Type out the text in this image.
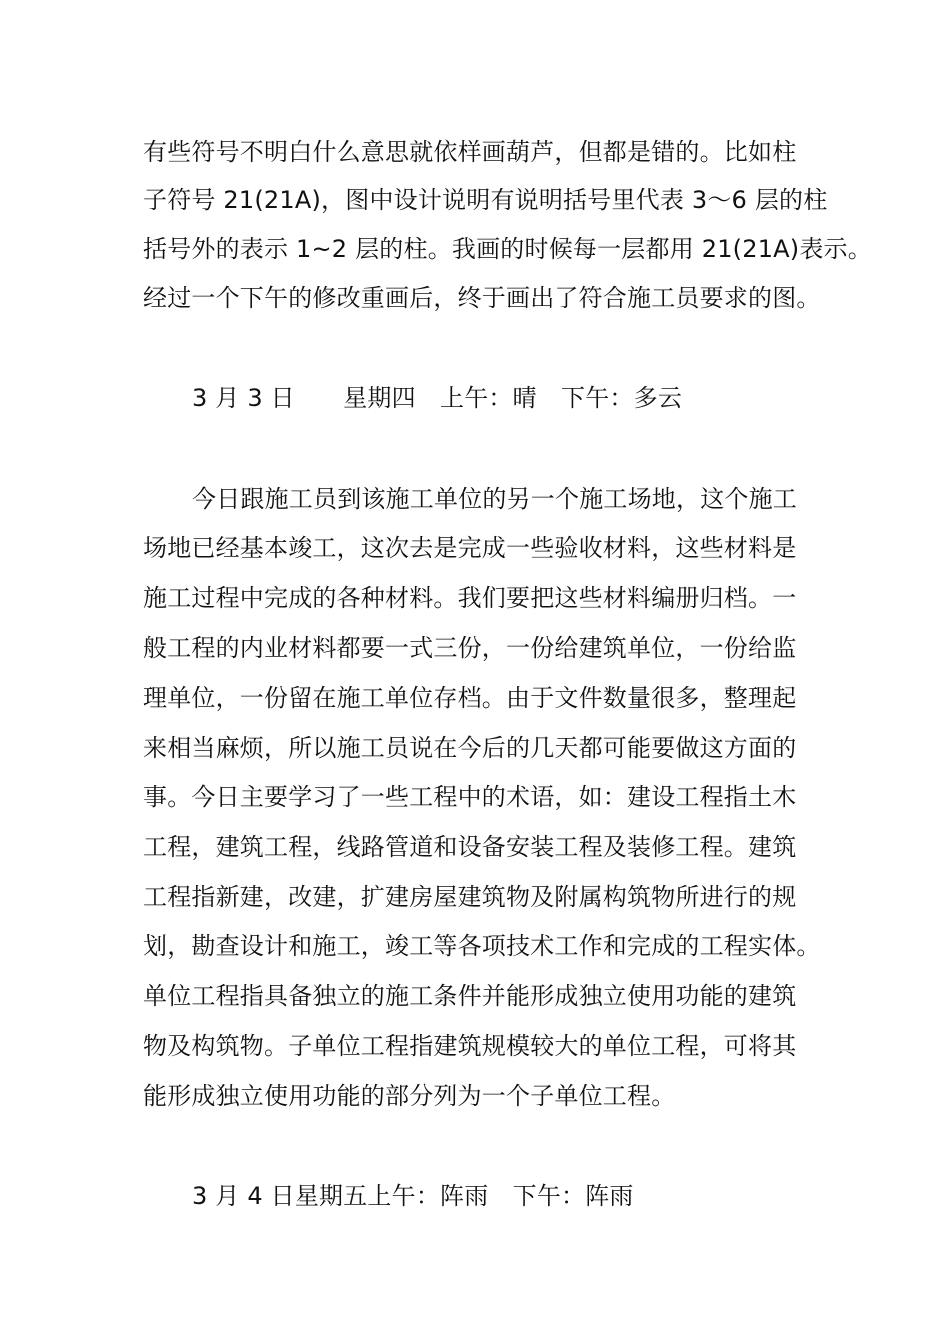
有些符号不明白什么意思就依样画葫芦，但都是错的。比如柱
子符号 21(21A)，图中设计说明有说明括号里代表 3～6 层的柱
括号外的表示 1~2 层的柱。我画的时候每一层都用 21(21A)表示。
经过一个下午的修改重画后，终于画出了符合施工员要求的图。
3 月 3 日　　星期四　上午：晴　下午：多云
今日跟施工员到该施工单位的另一个施工场地，这个施工
场地已经基本竣工，这次去是完成一些验收材料，这些材料是
施工过程中完成的各种材料。我们要把这些材料编册归档。一
般工程的内业材料都要一式三份，一份给建筑单位，一份给监
理单位，一份留在施工单位存档。由于文件数量很多，整理起
来相当麻烦，所以施工员说在今后的几天都可能要做这方面的
事。今日主要学习了一些工程中的术语，如：建设工程指土木
工程，建筑工程，线路管道和设备安装工程及装修工程。建筑
工程指新建，改建，扩建房屋建筑物及附属构筑物所进行的规
划，勘查设计和施工，竣工等各项技术工作和完成的工程实体。
单位工程指具备独立的施工条件并能形成独立使用功能的建筑
物及构筑物。子单位工程指建筑规模较大的单位工程，可将其
能形成独立使用功能的部分列为一个子单位工程。
3 月 4 日星期五上午：阵雨　下午：阵雨
